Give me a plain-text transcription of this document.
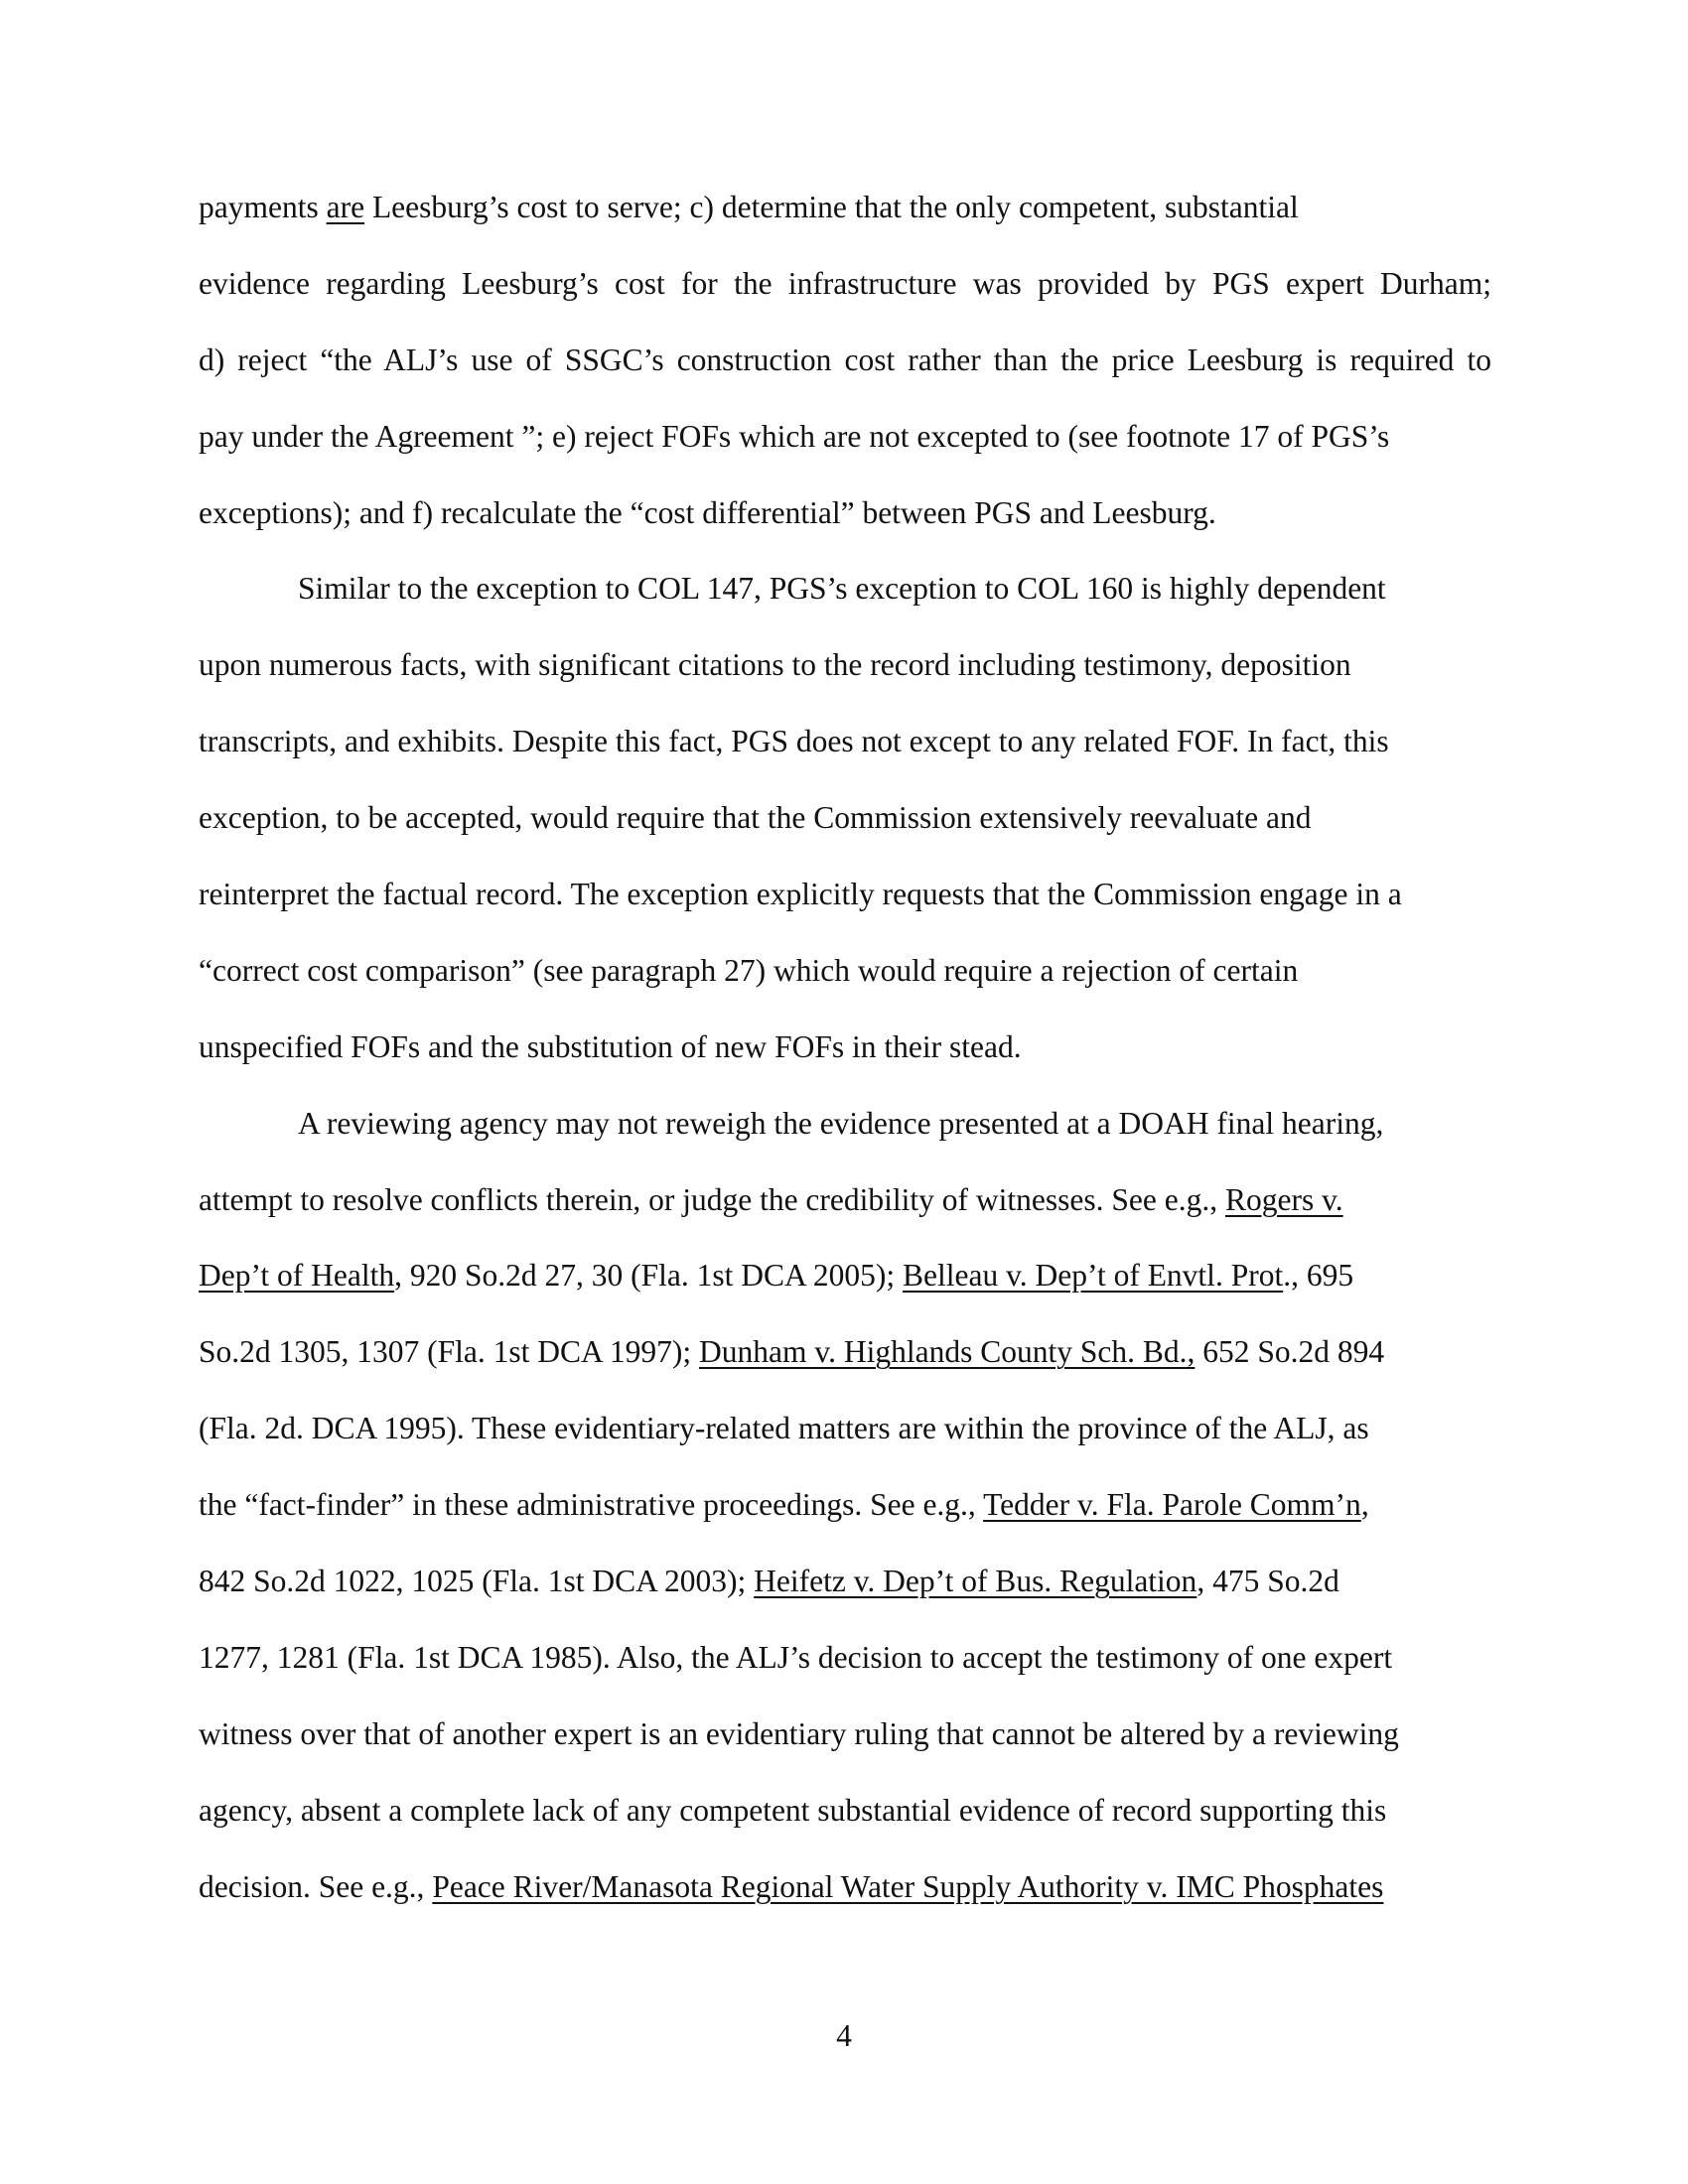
payments are Leesburg’s cost to serve; c) determine that the only competent, substantial
evidence regarding Leesburg’s cost for the infrastructure was provided by PGS expert Durham;
d) reject “the ALJ’s use of SSGC’s construction cost rather than the price Leesburg is required to
pay under the Agreement ”; e) reject FOFs which are not excepted to (see footnote 17 of PGS’s
exceptions); and f) recalculate the “cost differential” between PGS and Leesburg.
Similar to the exception to COL 147, PGS’s exception to COL 160 is highly dependent
upon numerous facts, with significant citations to the record including testimony, deposition
transcripts, and exhibits. Despite this fact, PGS does not except to any related FOF. In fact, this
exception, to be accepted, would require that the Commission extensively reevaluate and
reinterpret the factual record. The exception explicitly requests that the Commission engage in a
“correct cost comparison” (see paragraph 27) which would require a rejection of certain
unspecified FOFs and the substitution of new FOFs in their stead.
A reviewing agency may not reweigh the evidence presented at a DOAH final hearing,
attempt to resolve conflicts therein, or judge the credibility of witnesses. See e.g., Rogers v.
Dep’t of Health, 920 So.2d 27, 30 (Fla. 1st DCA 2005); Belleau v. Dep’t of Envtl. Prot., 695
So.2d 1305, 1307 (Fla. 1st DCA 1997); Dunham v. Highlands County Sch. Bd., 652 So.2d 894
(Fla. 2d. DCA 1995). These evidentiary-related matters are within the province of the ALJ, as
the “fact-finder” in these administrative proceedings. See e.g., Tedder v. Fla. Parole Comm’n,
842 So.2d 1022, 1025 (Fla. 1st DCA 2003); Heifetz v. Dep’t of Bus. Regulation, 475 So.2d
1277, 1281 (Fla. 1st DCA 1985). Also, the ALJ’s decision to accept the testimony of one expert
witness over that of another expert is an evidentiary ruling that cannot be altered by a reviewing
agency, absent a complete lack of any competent substantial evidence of record supporting this
decision. See e.g., Peace River/Manasota Regional Water Supply Authority v. IMC Phosphates
4
